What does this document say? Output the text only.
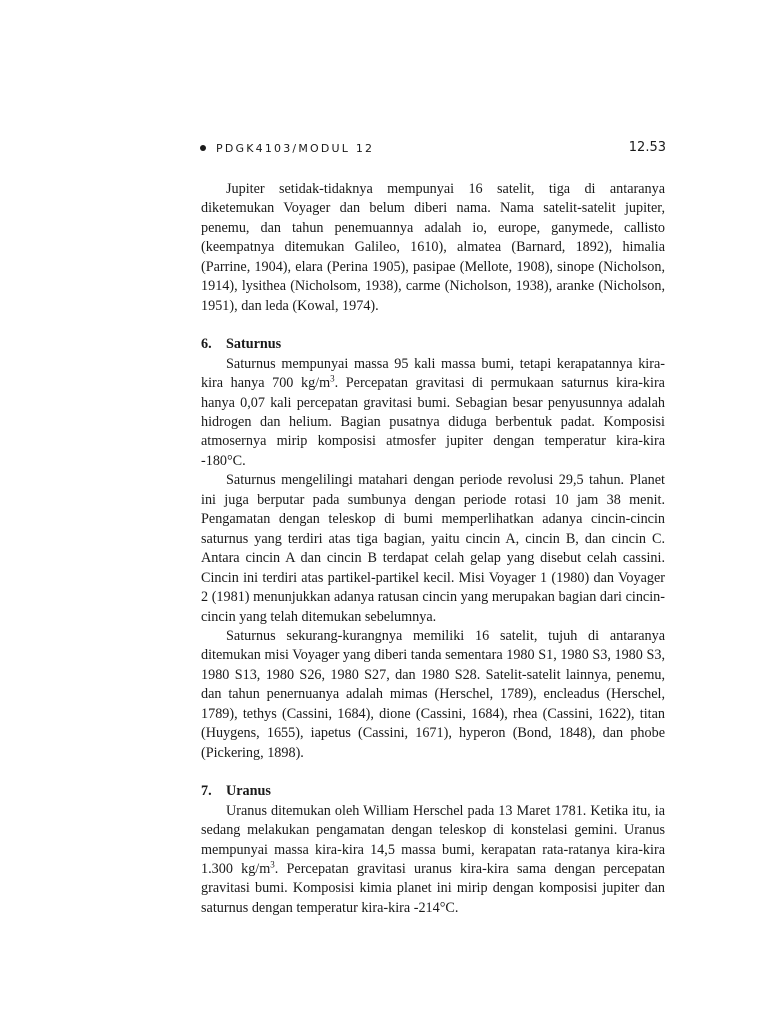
PDGK4103/MODUL 12	12.53

Jupiter setidak-tidaknya mempunyai 16 satelit, tiga di antaranya diketemukan Voyager dan belum diberi nama. Nama satelit-satelit jupiter, penemu, dan tahun penemuannya adalah io, europe, ganymede, callisto (keempatnya ditemukan Galileo, 1610), almatea (Barnard, 1892), himalia (Parrine, 1904), elara (Perina 1905), pasipae (Mellote, 1908), sinope (Nicholson, 1914), lysithea (Nicholsom, 1938), carme (Nicholson, 1938), aranke (Nicholson, 1951), dan leda (Kowal, 1974).

6. Saturnus

Saturnus mempunyai massa 95 kali massa bumi, tetapi kerapatannya kira-kira hanya 700 $kg/m^3$. Percepatan gravitasi di permukaan saturnus kira-kira hanya 0,07 kali percepatan gravitasi bumi. Sebagian besar penyusunnya adalah hidrogen dan helium. Bagian pusatnya diduga berbentuk padat. Komposisi atmosernya mirip komposisi atmosfer jupiter dengan temperatur kira-kira -180°C.

Saturnus mengelilingi matahari dengan periode revolusi 29,5 tahun. Planet ini juga berputar pada sumbunya dengan periode rotasi 10 jam 38 menit. Pengamatan dengan teleskop di bumi memperlihatkan adanya cincin-cincin saturnus yang terdiri atas tiga bagian, yaitu cincin A, cincin B, dan cincin C. Antara cincin A dan cincin B terdapat celah gelap yang disebut celah cassini. Cincin ini terdiri atas partikel-partikel kecil. Misi Voyager 1 (1980) dan Voyager 2 (1981) menunjukkan adanya ratusan cincin yang merupakan bagian dari cincin-cincin yang telah ditemukan sebelumnya.

Saturnus sekurang-kurangnya memiliki 16 satelit, tujuh di antaranya ditemukan misi Voyager yang diberi tanda sementara 1980 S1, 1980 S3, 1980 S3, 1980 S13, 1980 S26, 1980 S27, dan 1980 S28. Satelit-satelit lainnya, penemu, dan tahun penernuanya adalah mimas (Herschel, 1789), encleadus (Herschel, 1789), tethys (Cassini, 1684), dione (Cassini, 1684), rhea (Cassini, 1622), titan (Huygens, 1655), iapetus (Cassini, 1671), hyperon (Bond, 1848), dan phobe (Pickering, 1898).

7. Uranus

Uranus ditemukan oleh William Herschel pada 13 Maret 1781. Ketika itu, ia sedang melakukan pengamatan dengan teleskop di konstelasi gemini. Uranus mempunyai massa kira-kira 14,5 massa bumi, kerapatan rata-ratanya kira-kira 1.300 $kg/m^3$. Percepatan gravitasi uranus kira-kira sama dengan percepatan gravitasi bumi. Komposisi kimia planet ini mirip dengan komposisi jupiter dan saturnus dengan temperatur kira-kira -214°C.
